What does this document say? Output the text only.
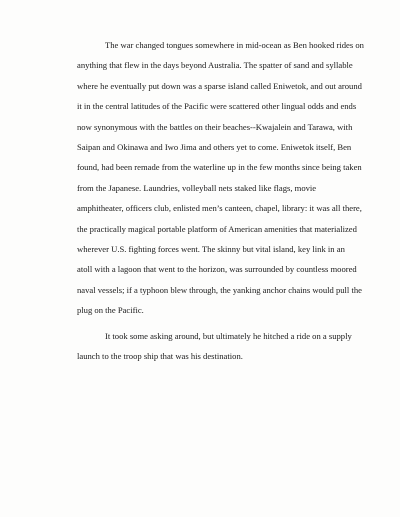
The war changed tongues somewhere in mid-ocean as Ben hooked rides on
anything that flew in the days beyond Australia. The spatter of sand and syllable
where he eventually put down was a sparse island called Eniwetok, and out around
it in the central latitudes of the Pacific were scattered other lingual odds and ends
now synonymous with the battles on their beaches--Kwajalein and Tarawa, with
Saipan and Okinawa and Iwo Jima and others yet to come. Eniwetok itself, Ben
found, had been remade from the waterline up in the few months since being taken
from the Japanese. Laundries, volleyball nets staked like flags, movie
amphitheater, officers club, enlisted men’s canteen, chapel, library: it was all there,
the practically magical portable platform of American amenities that materialized
wherever U.S. fighting forces went. The skinny but vital island, key link in an
atoll with a lagoon that went to the horizon, was surrounded by countless moored
naval vessels; if a typhoon blew through, the yanking anchor chains would pull the
plug on the Pacific.
It took some asking around, but ultimately he hitched a ride on a supply
launch to the troop ship that was his destination.
